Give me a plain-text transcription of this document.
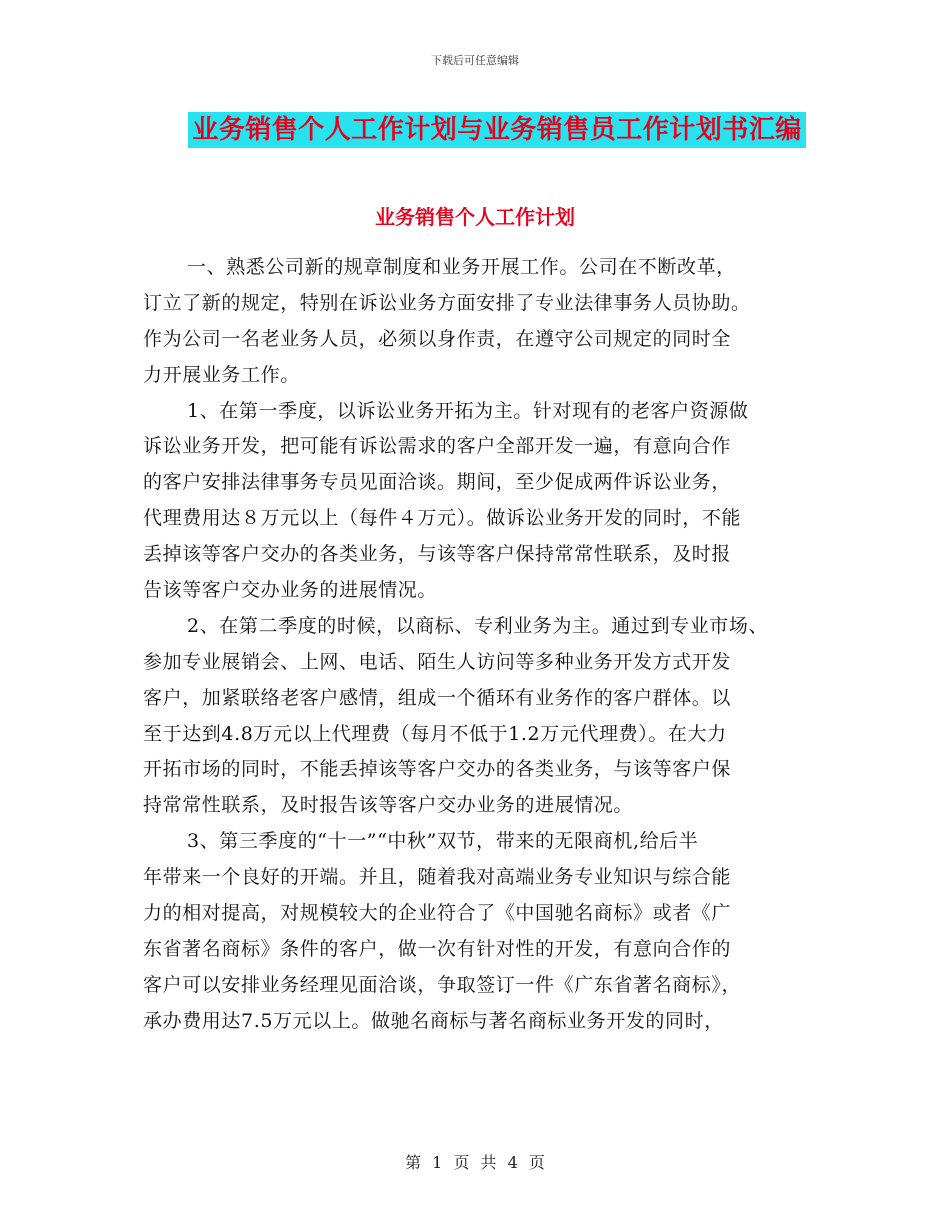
下载后可任意编辑
业务销售个人工作计划与业务销售员工作计划书汇编
业务销售个人工作计划
一、熟悉公司新的规章制度和业务开展工作。公司在不断改革，
订立了新的规定，特别在诉讼业务方面安排了专业法律事务人员协助。
作为公司一名老业务人员，必须以身作责，在遵守公司规定的同时全
力开展业务工作。
1、在第一季度，以诉讼业务开拓为主。针对现有的老客户资源做
诉讼业务开发，把可能有诉讼需求的客户全部开发一遍，有意向合作
的客户安排法律事务专员见面洽谈。期间，至少促成两件诉讼业务，
代理费用达８万元以上（每件４万元）。做诉讼业务开发的同时，不能
丢掉该等客户交办的各类业务，与该等客户保持常常性联系，及时报
告该等客户交办业务的进展情况。
2、在第二季度的时候，以商标、专利业务为主。通过到专业市场、
参加专业展销会、上网、电话、陌生人访问等多种业务开发方式开发
客户，加紧联络老客户感情，组成一个循环有业务作的客户群体。以
至于达到4.8万元以上代理费（每月不低于1.2万元代理费）。在大力
开拓市场的同时，不能丢掉该等客户交办的各类业务，与该等客户保
持常常性联系，及时报告该等客户交办业务的进展情况。
3、第三季度的“十一”“中秋”双节，带来的无限商机,给后半
年带来一个良好的开端。并且，随着我对高端业务专业知识与综合能
力的相对提高，对规模较大的企业符合了《中国驰名商标》或者《广
东省著名商标》条件的客户，做一次有针对性的开发，有意向合作的
客户可以安排业务经理见面洽谈，争取签订一件《广东省著名商标》，
承办费用达7.5万元以上。做驰名商标与著名商标业务开发的同时，
第 1 页 共 4 页
